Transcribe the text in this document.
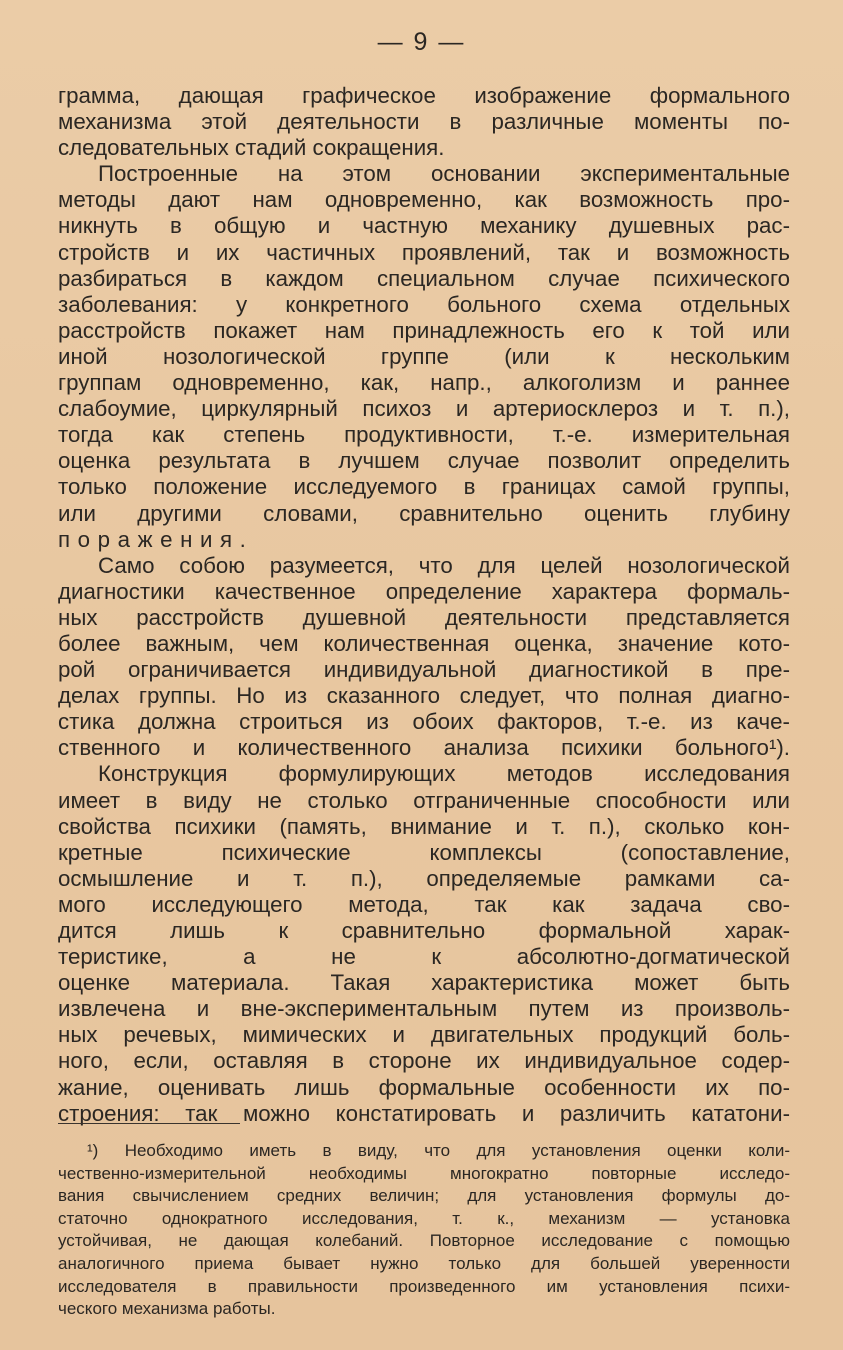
— 9 —
грамма, дающая графическое изображение формального
механизма этой деятельности в различные моменты по-
следовательных стадий сокращения.
Построенные на этом основании экспериментальные
методы дают нам одновременно, как возможность про-
никнуть в общую и частную механику душевных рас-
стройств и их частичных проявлений, так и возможность
разбираться в каждом специальном случае психического
заболевания: у конкретного больного схема отдельных
расстройств покажет нам принадлежность его к той или
иной нозологической группе (или к нескольким
группам одновременно, как, напр., алкоголизм и раннее
слабоумие, циркулярный психоз и артериосклероз и т. п.),
тогда как степень продуктивности, т.-е. измерительная
оценка результата в лучшем случае позволит определить
только положение исследуемого в границах самой группы,
или другими словами, сравнительно оценить глубину
поражения.
Само собою разумеется, что для целей нозологической
диагностики качественное определение характера формаль-
ных расстройств душевной деятельности представляется
более важным, чем количественная оценка, значение кото-
рой ограничивается индивидуальной диагностикой в пре-
делах группы. Но из сказанного следует, что полная диагно-
стика должна строиться из обоих факторов, т.-е. из каче-
ственного и количественного анализа психики больного¹).
Конструкция формулирующих методов исследования
имеет в виду не столько отграниченные способности или
свойства психики (память, внимание и т. п.), сколько кон-
кретные психические комплексы (сопоставление,
осмышление и т. п.), определяемые рамками са-
мого исследующего метода, так как задача сво-
дится лишь к сравнительно формальной харак-
теристике, а не к абсолютно-догматической
оценке материала. Такая характеристика может быть
извлечена и вне-экспериментальным путем из произволь-
ных речевых, мимических и двигательных продукций боль-
ного, если, оставляя в стороне их индивидуальное содер-
жание, оценивать лишь формальные особенности их по-
строения: так можно констатировать и различить кататони-
¹) Необходимо иметь в виду, что для установления оценки коли-
чественно-измерительной необходимы многократно повторные исследо-
вания свычислением средних величин; для установления формулы до-
статочно однократного исследования, т. к., механизм — установка
устойчивая, не дающая колебаний. Повторное исследование с помощью
аналогичного приема бывает нужно только для большей уверенности
исследователя в правильности произведенного им установления психи-
ческого механизма работы.
